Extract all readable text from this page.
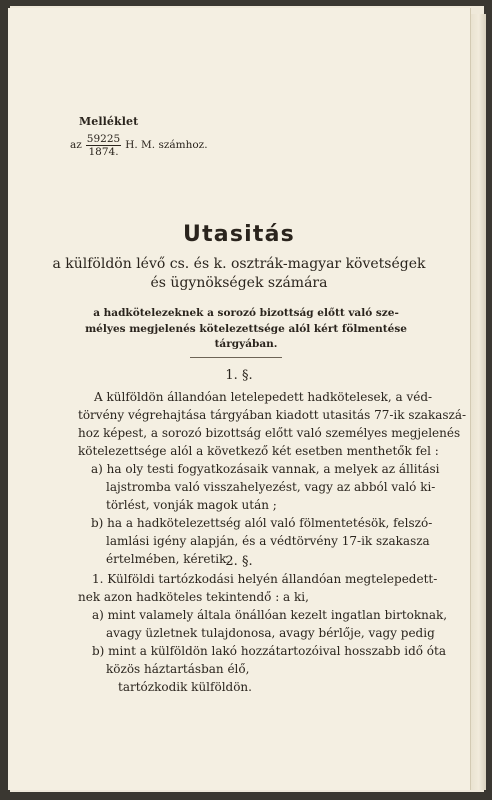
Melléklet
az $\frac{59225}{1874.} H$. M. számhoz.
Utasitás
a külföldön lévő cs. és k. osztrák-magyar követségek
és ügynökségek számára
a hadkötelezeknek a sorozó bizottság előtt való sze-
mélyes megjelenés kötelezettsége alól kért fölmentése
tárgyában.
1. §.
A külföldön állandóan letelepedett hadkötelesek, a véd-
törvény végrehajtása tárgyában kiadott utasitás 77-ik szakaszá-
hoz képest, a sorozó bizottság előtt való személyes megjelenés
kötelezettsége alól a következő két esetben menthetők fel :
a) ha oly testi fogyatkozásaik vannak, a melyek az állitási
lajstromba való visszahelyezést, vagy az abból való ki-
törlést, vonják magok után ;
b) ha a hadkötelezettség alól való fölmentetésök, felszó-
lamlási igény alapján, és a védtörvény 17-ik szakasza
értelmében, kéretik.
2. §.
1. Külföldi tartózkodási helyén állandóan megtelepedett-
nek azon hadköteles tekintendő : a ki,
a) mint valamely általa önállóan kezelt ingatlan birtoknak,
avagy üzletnek tulajdonosa, avagy bérlője, vagy pedig
b) mint a külföldön lakó hozzátartozóival hosszabb idő óta
közös háztartásban élő,
tartózkodik külföldön.
